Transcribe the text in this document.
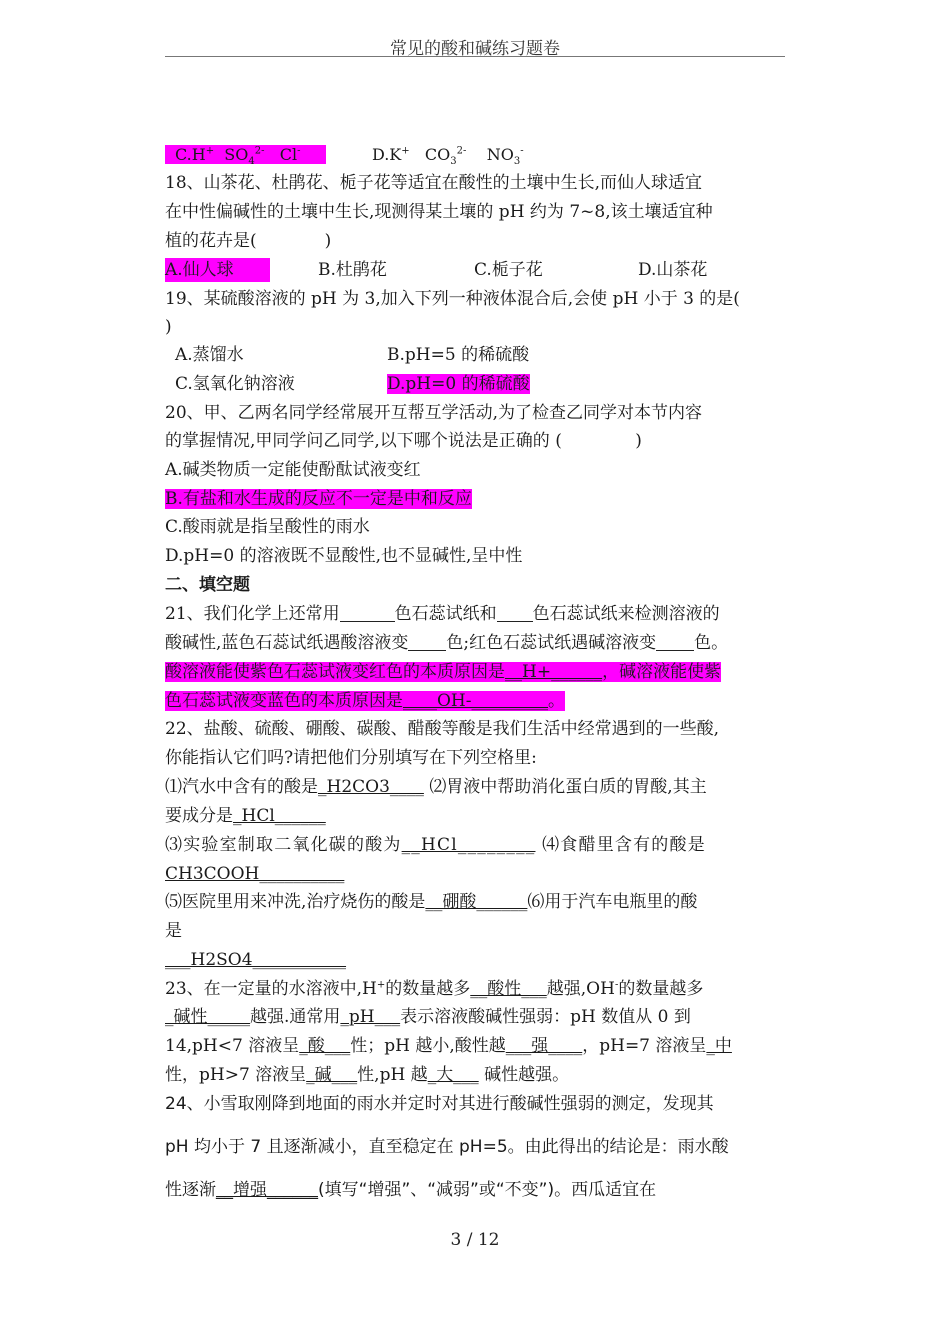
常见的酸和碱练习题卷
C.H+ $SO_4^{2-}$ Cl-	D.K+ $CO_3^{2-}$ $NO_3^-$
18、山茶花、杜鹃花、栀子花等适宜在酸性的土壤中生长,而仙人球适宜
在中性偏碱性的土壤中生长,现测得某土壤的 pH 约为 7~8,该土壤适宜种
植的花卉是(　　　　)
A.仙人球	B.杜鹃花	C.栀子花	D.山茶花
19、某硫酸溶液的 pH 为 3,加入下列一种液体混合后,会使 pH 小于 3 的是(
)
A.蒸馏水	B.pH=5 的稀硫酸
C.氢氧化钠溶液	D.pH=0 的稀硫酸
20、甲、乙两名同学经常展开互帮互学活动,为了检查乙同学对本节内容
的掌握情况,甲同学问乙同学,以下哪个说法是正确的 (　　　　 )
A.碱类物质一定能使酚酞试液变红
B.有盐和水生成的反应不一定是中和反应
C.酸雨就是指呈酸性的雨水
D.pH=0 的溶液既不显酸性,也不显碱性,呈中性
二、填空题
21、我们化学上还常用	色石蕊试纸和 色石蕊试纸来检测溶液的
酸碱性,蓝色石蕊试纸遇酸溶液变 色;红色石蕊试纸遇碱溶液变 色。
酸溶液能使紫色石蕊试液变红色的本质原因是__H+______，碱溶液能使紫
色石蕊试液变蓝色的本质原因是____OH-_________。
22、盐酸、硫酸、硼酸、碳酸、醋酸等酸是我们生活中经常遇到的一些酸,
你能指认它们吗?请把他们分别填写在下列空格里:
⑴汽水中含有的酸是_H2CO3____ ⑵胃液中帮助消化蛋白质的胃酸,其主
要成分是_HCl______
⑶实验室制取二氧化碳的酸为__HCl________ ⑷食醋里含有的酸是
CH3COOH__________
⑸医院里用来冲洗,治疗烧伤的酸是__硼酸______⑹用于汽车电瓶里的酸
是
___H2SO4___________
23、在一定量的水溶液中,H+的数量越多__酸性___越强,OH-的数量越多
_碱性_____越强.通常用_pH___表示溶液酸碱性强弱：pH 数值从 0 到
14,pH<7 溶液呈_酸___性；pH 越小,酸性越___强____，pH=7 溶液呈_中
性，pH>7 溶液呈_碱___性,pH 越_大___ 碱性越强。
24、小雪取刚降到地面的雨水并定时对其进行酸碱性强弱的测定，发现其
pH 均小于 7 且逐渐减小，直至稳定在 pH=5。由此得出的结论是：雨水酸
性逐渐__增强______(填写“增强”、“减弱”或“不变”)。西瓜适宜在
3 / 12
